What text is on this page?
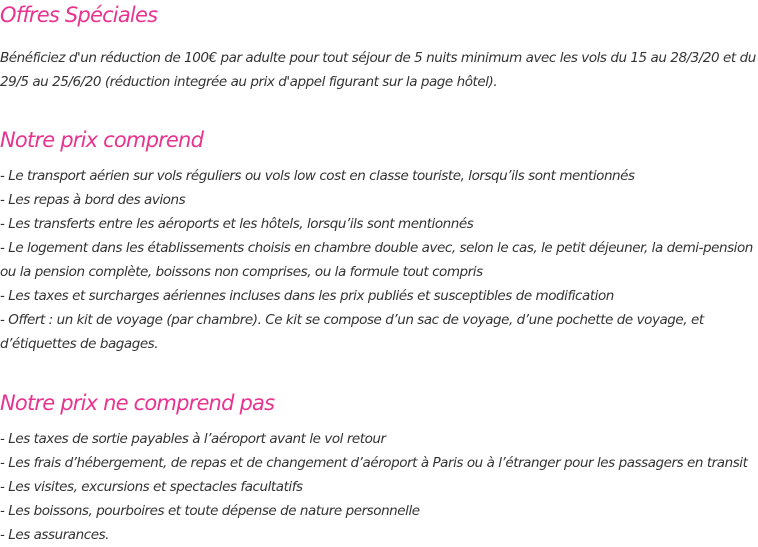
Offres Spéciales

Bénéficiez d'un réduction de 100€ par adulte pour tout séjour de 5 nuits minimum avec les vols du 15 au 28/3/20 et du 29/5 au 25/6/20 (réduction integrée au prix d'appel figurant sur la page hôtel).

Notre prix comprend
- Le transport aérien sur vols réguliers ou vols low cost en classe touriste, lorsqu’ils sont mentionnés
- Les repas à bord des avions
- Les transferts entre les aéroports et les hôtels, lorsqu’ils sont mentionnés
- Le logement dans les établissements choisis en chambre double avec, selon le cas, le petit déjeuner, la demi-pension ou la pension complète, boissons non comprises, ou la formule tout compris
- Les taxes et surcharges aériennes incluses dans les prix publiés et susceptibles de modification
- Offert : un kit de voyage (par chambre). Ce kit se compose d’un sac de voyage, d’une pochette de voyage, et d’étiquettes de bagages.
Notre prix ne comprend pas
- Les taxes de sortie payables à l’aéroport avant le vol retour
- Les frais d’hébergement, de repas et de changement d’aéroport à Paris ou à l’étranger pour les passagers en transit
- Les visites, excursions et spectacles facultatifs
- Les boissons, pourboires et toute dépense de nature personnelle
- Les assurances.
